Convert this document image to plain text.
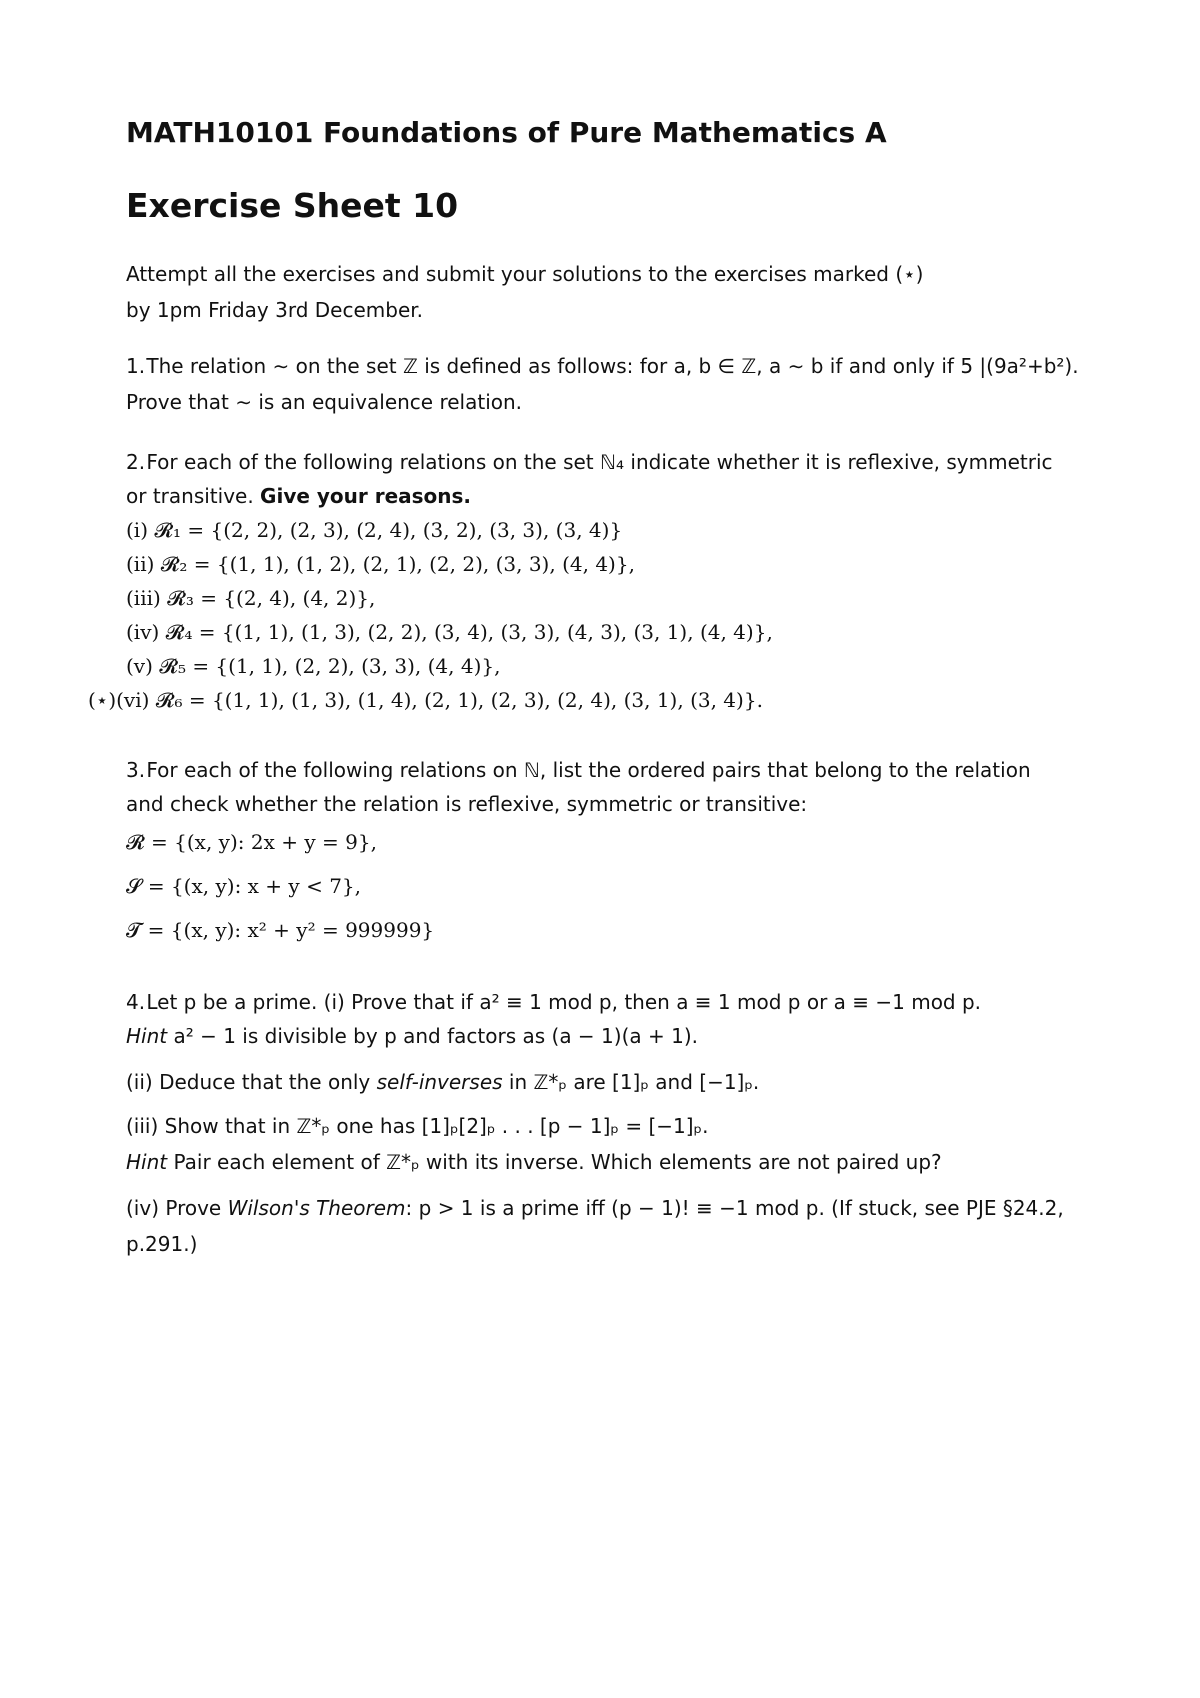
MATH10101 Foundations of Pure Mathematics A
Exercise Sheet 10
Attempt all the exercises and submit your solutions to the exercises marked (⋆)
by 1pm Friday 3rd December.
1. The relation ∼ on the set ℤ is defined as follows: for a, b ∈ ℤ, a ∼ b if and only if 5 |(9a²+b²).
Prove that ∼ is an equivalence relation.
2. For each of the following relations on the set ℕ₄ indicate whether it is reflexive, symmetric
or transitive. Give your reasons.
(i) 𝓡₁ = {(2, 2), (2, 3), (2, 4), (3, 2), (3, 3), (3, 4)}
(ii) 𝓡₂ = {(1, 1), (1, 2), (2, 1), (2, 2), (3, 3), (4, 4)},
(iii) 𝓡₃ = {(2, 4), (4, 2)},
(iv) 𝓡₄ = {(1, 1), (1, 3), (2, 2), (3, 4), (3, 3), (4, 3), (3, 1), (4, 4)},
(v) 𝓡₅ = {(1, 1), (2, 2), (3, 3), (4, 4)},
(⋆)(vi) 𝓡₆ = {(1, 1), (1, 3), (1, 4), (2, 1), (2, 3), (2, 4), (3, 1), (3, 4)}.
3. For each of the following relations on ℕ, list the ordered pairs that belong to the relation
and check whether the relation is reflexive, symmetric or transitive:
𝓡 = {(x, y): 2x + y = 9},
𝓢 = {(x, y): x + y < 7},
𝓣 = {(x, y): x² + y² = 999999}
4. Let p be a prime. (i) Prove that if a² ≡ 1 mod p, then a ≡ 1 mod p or a ≡ −1 mod p.
Hint a² − 1 is divisible by p and factors as (a − 1)(a + 1).
(ii) Deduce that the only self-inverses in ℤ*ₚ are [1]ₚ and [−1]ₚ.
(iii) Show that in ℤ*ₚ one has [1]ₚ[2]ₚ . . . [p − 1]ₚ = [−1]ₚ.
Hint Pair each element of ℤ*ₚ with its inverse. Which elements are not paired up?
(iv) Prove Wilson's Theorem: p > 1 is a prime iff (p − 1)! ≡ −1 mod p. (If stuck, see PJE §24.2,
p.291.)
